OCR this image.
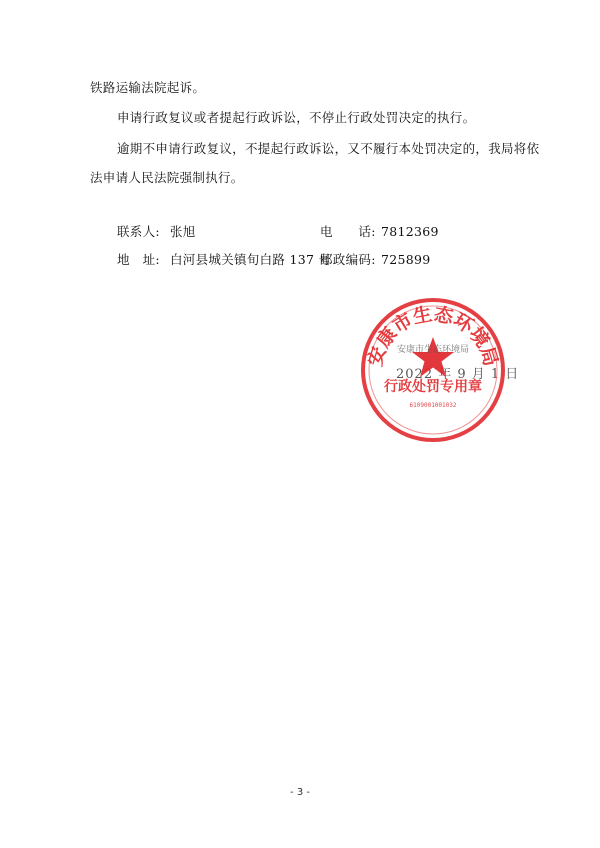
铁路运输法院起诉。
申请行政复议或者提起行政诉讼，不停止行政处罚决定的执行。
逾期不申请行政复议，不提起行政诉讼，又不履行本处罚决定的，我局将依
法申请人民法院强制执行。
联系人: 张旭	电　　话: 7812369
地　址: 白河县城关镇旬白路 137 号
邮政编码: 725899
2022 年 9 月 1 日
安康市生态环境局
安康市生态环境局
行政处罚专用章
6109001001032
- 3 -
